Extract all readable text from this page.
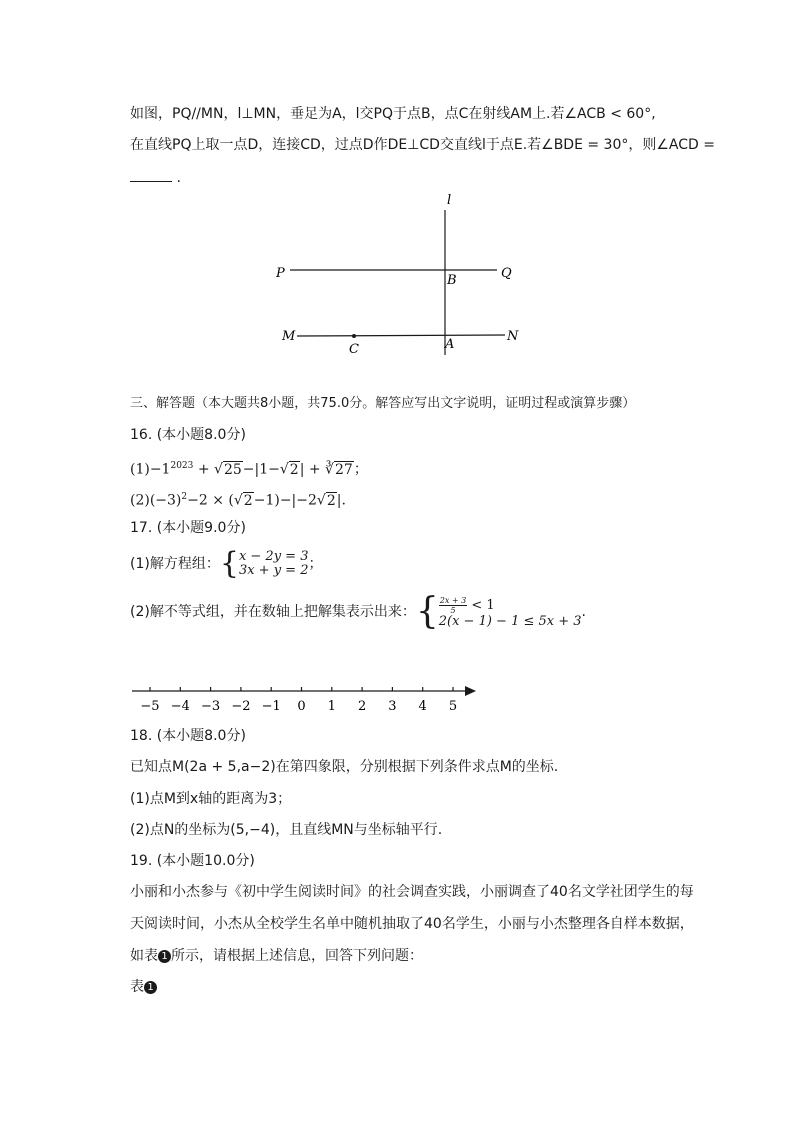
如图，PQ//MN，l⊥MN，垂足为A，l交PQ于点B，点C在射线AM上.若∠ACB < 60°,
在直线PQ上取一点D，连接CD，过点D作DE⊥CD交直线l于点E.若∠BDE = 30°，则∠ACD =
.
l
P	Q
B
M	N
C	A
三、解答题（本大题共8小题，共75.0分。解答应写出文字说明，证明过程或演算步骤）
16. (本小题8.0分)
$(1)-1^{2023} + √25-|1-√2|$ + ∛27；
$(2)(-3)^2-2 \times (√2-1)-|-2√2|$.
17. (本小题9.0分)
(1)解方程组：{ x − 2y = 3
3x + y = 2 ；
(2)解不等式组，并在数轴上把解集表示出来：{ $\frac{2x + 3}{5} < 1$
2(x − 1) − 1 ≤ 5x + 3
.
−5 −4 −3 −2 −1 0 1 2 3 4 5
18. (本小题8.0分)
已知点M(2a + 5,a−2)在第四象限，分别根据下列条件求点M的坐标.
(1)点M到x轴的距离为3；
(2)点N的坐标为(5,−4)，且直线MN与坐标轴平行.
19. (本小题10.0分)
小丽和小杰参与《初中学生阅读时间》的社会调查实践，小丽调查了40名文学社团学生的每
天阅读时间，小杰从全校学生名单中随机抽取了40名学生，小丽与小杰整理各自样本数据，
如表 1 所示，请根据上述信息，回答下列问题：
表 1
